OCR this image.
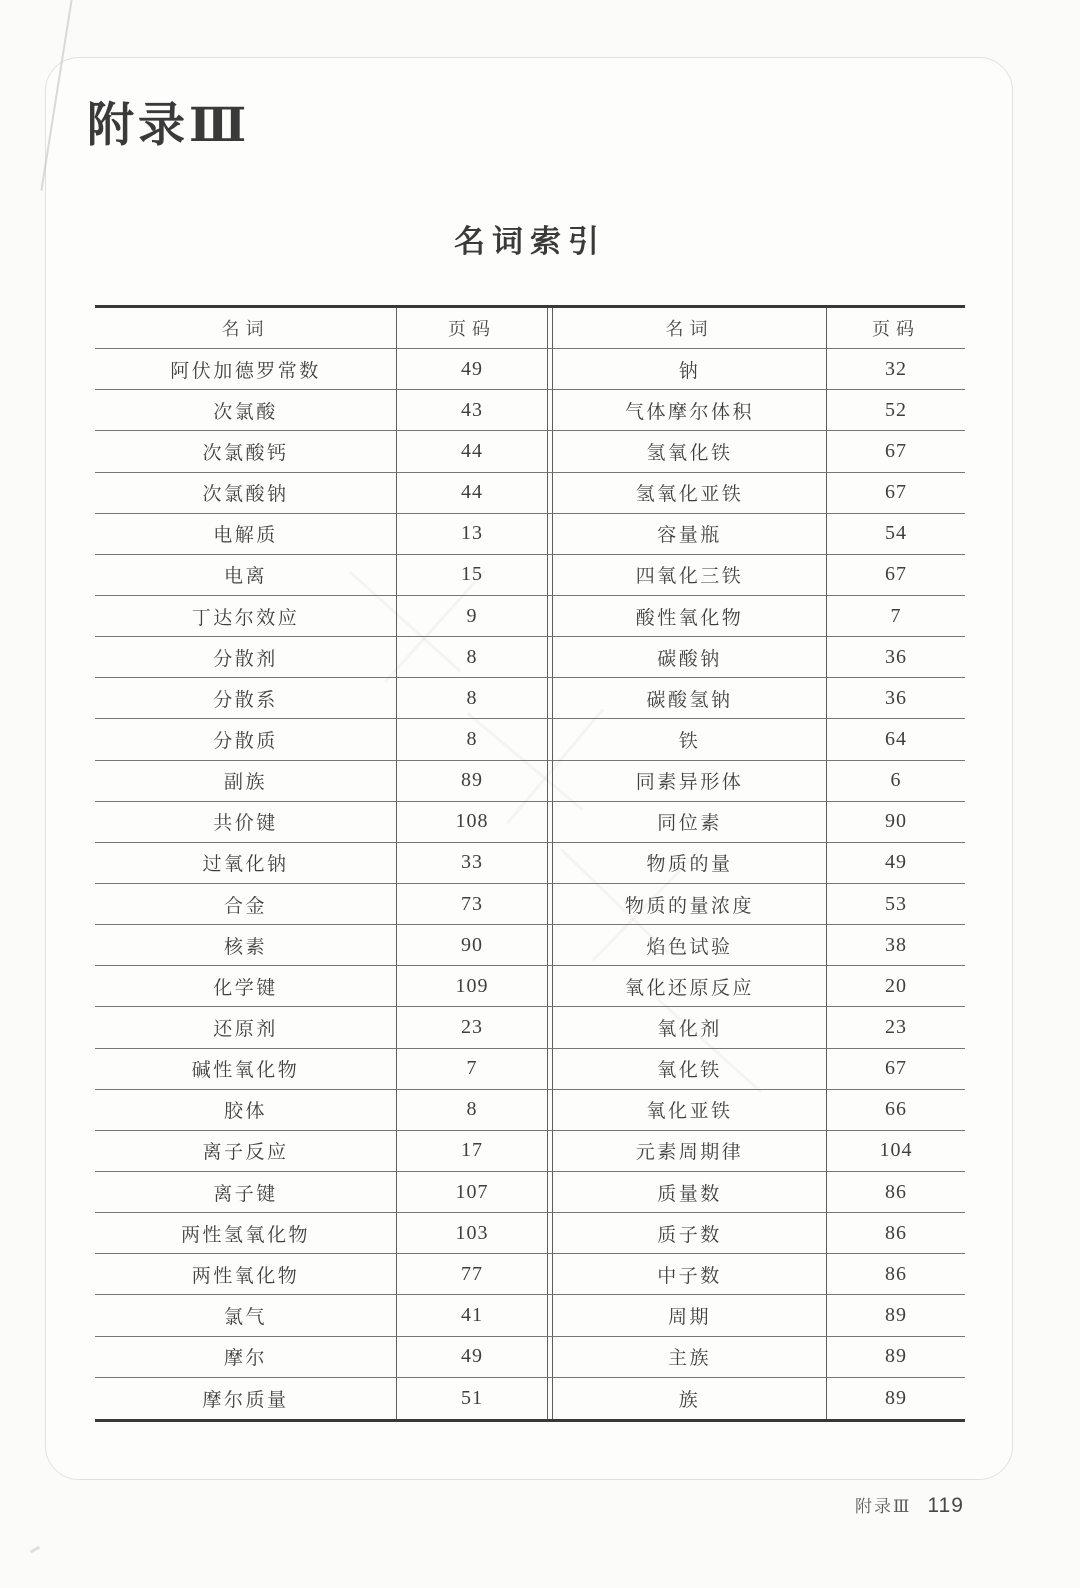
附录Ⅲ
名词索引
名词	页码	名词	页码
阿伏加德罗常数	49	钠	32
次氯酸	43	气体摩尔体积	52
次氯酸钙	44	氢氧化铁	67
次氯酸钠	44	氢氧化亚铁	67
电解质	13	容量瓶	54
电离	15	四氧化三铁	67
丁达尔效应	9	酸性氧化物	7
分散剂	8	碳酸钠	36
分散系	8	碳酸氢钠	36
分散质	8	铁	64
副族	89	同素异形体	6
共价键	108	同位素	90
过氧化钠	33	物质的量	49
合金	73	物质的量浓度	53
核素	90	焰色试验	38
化学键	109	氧化还原反应	20
还原剂	23	氧化剂	23
碱性氧化物	7	氧化铁	67
胶体	8	氧化亚铁	66
离子反应	17	元素周期律	104
离子键	107	质量数	86
两性氢氧化物	103	质子数	86
两性氧化物	77	中子数	86
氯气	41	周期	89
摩尔	49	主族	89
摩尔质量	51	族	89
附录Ⅲ 119
